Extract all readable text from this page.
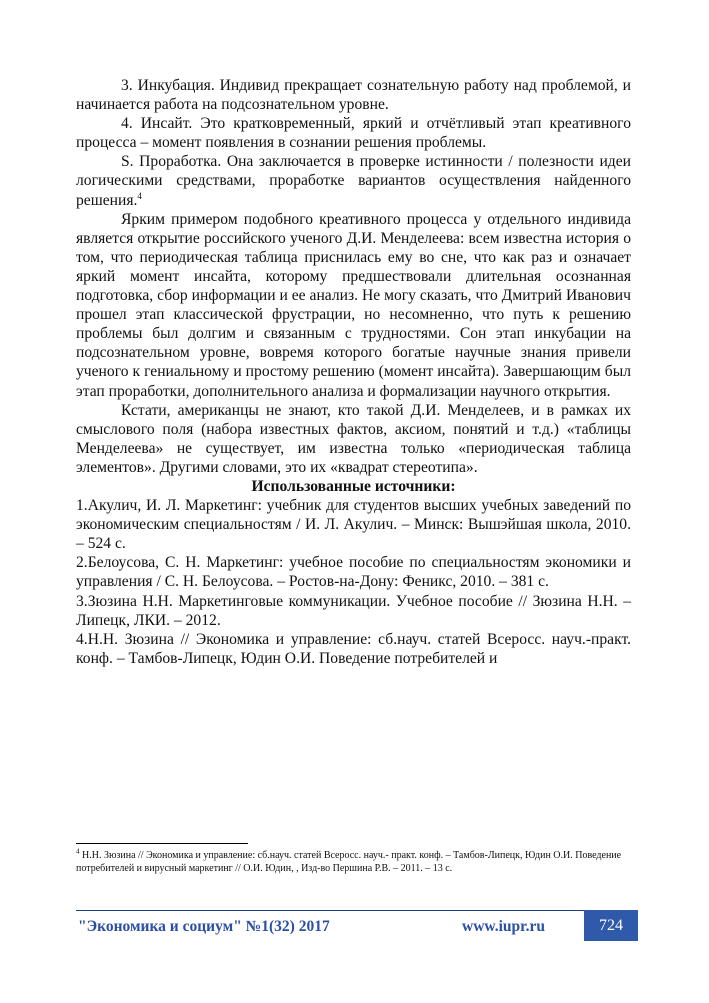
3. Инкубация. Индивид прекращает сознательную работу над проблемой, и начинается работа на подсознательном уровне.

4. Инсайт. Это кратковременный, яркий и отчётливый этап креативного процесса – момент появления в сознании решения проблемы.

S. Проработка. Она заключается в проверке истинности / полезности идеи логическими средствами, проработке вариантов осуществления найденного решения.$^4$

Ярким примером подобного креативного процесса у отдельного индивида является открытие российского ученого Д.И. Менделеева: всем известна история о том, что периодическая таблица приснилась ему во сне, что как раз и означает яркий момент инсайта, которому предшествовали длительная осознанная подготовка, сбор информации и ее анализ. Не могу сказать, что Дмитрий Иванович прошел этап классической фрустрации, но несомненно, что путь к решению проблемы был долгим и связанным с трудностями. Сон этап инкубации на подсознательном уровне, вовремя которого богатые научные знания привели ученого к гениальному и простому решению (момент инсайта). Завершающим был этап проработки, дополнительного анализа и формализации научного открытия.

Кстати, американцы не знают, кто такой Д.И. Менделеев, и в рамках их смыслового поля (набора известных фактов, аксиом, понятий и т.д.) «таблицы Менделеева» не существует, им известна только «периодическая таблица элементов». Другими словами, это их «квадрат стереотипа».

Использованные источники:

1.Акулич, И. Л. Маркетинг: учебник для студентов высших учебных заведений по экономическим специальностям / И. Л. Акулич. – Минск: Вышэйшая школа, 2010. – 524 с.

2.Белоусова, С. Н. Маркетинг: учебное пособие по специальностям экономики и управления / С. Н. Белоусова. – Ростов-на-Дону: Феникс, 2010. – 381 с.

3.Зюзина Н.Н. Маркетинговые коммуникации. Учебное пособие // Зюзина Н.Н. – Липецк, ЛКИ. – 2012.

4.Н.Н. Зюзина // Экономика и управление: сб.науч. статей Всеросс. науч.-практ. конф. – Тамбов-Липецк, Юдин О.И. Поведение потребителей и

$^4$ Н.Н. Зюзина // Экономика и управление: сб.науч. статей Всеросс. науч.- практ. конф. – Тамбов-Липецк, Юдин О.И. Поведение потребителей и вирусный маркетинг // О.И. Юдин, , Изд-во Першина Р.В. – 2011. – 13 с.
"Экономика и социум" №1(32) 2017	www.iupr.ru	724
